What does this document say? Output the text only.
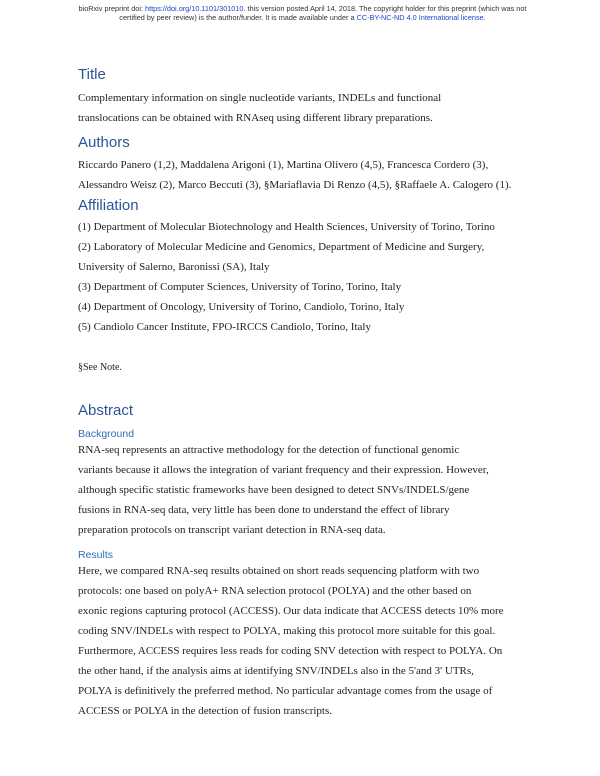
bioRxiv preprint doi: https://doi.org/10.1101/301010. this version posted April 14, 2018. The copyright holder for this preprint (which was not
certified by peer review) is the author/funder. It is made available under a CC-BY-NC-ND 4.0 International license.
Title

Complementary information on single nucleotide variants, INDELs and functional

translocations can be obtained with RNAseq using different library preparations.

Authors

Riccardo Panero (1,2), Maddalena Arigoni (1), Martina Olivero (4,5), Francesca Cordero (3),

Alessandro Weisz (2), Marco Beccuti (3), §Mariaflavia Di Renzo (4,5), §Raffaele A. Calogero (1).

Affiliation

(1) Department of Molecular Biotechnology and Health Sciences, University of Torino, Torino

(2) Laboratory of Molecular Medicine and Genomics, Department of Medicine and Surgery,

University of Salerno, Baronissi (SA), Italy

(3) Department of Computer Sciences, University of Torino, Torino, Italy

(4) Department of Oncology, University of Torino, Candiolo, Torino, Italy

(5) Candiolo Cancer Institute, FPO-IRCCS Candiolo, Torino, Italy

§See Note.

Abstract
Background

RNA-seq represents an attractive methodology for the detection of functional genomic

variants because it allows the integration of variant frequency and their expression. However,

although specific statistic frameworks have been designed to detect SNVs/INDELS/gene

fusions in RNA-seq data, very little has been done to understand the effect of library

preparation protocols on transcript variant detection in RNA-seq data.

Results

Here, we compared RNA-seq results obtained on short reads sequencing platform with two

protocols: one based on polyA+ RNA selection protocol (POLYA) and the other based on

exonic regions capturing protocol (ACCESS). Our data indicate that ACCESS detects 10% more

coding SNV/INDELs with respect to POLYA, making this protocol more suitable for this goal.

Furthermore, ACCESS requires less reads for coding SNV detection with respect to POLYA. On

the other hand, if the analysis aims at identifying SNV/INDELs also in the 5'and 3' UTRs,

POLYA is definitively the preferred method. No particular advantage comes from the usage of

ACCESS or POLYA in the detection of fusion transcripts.
